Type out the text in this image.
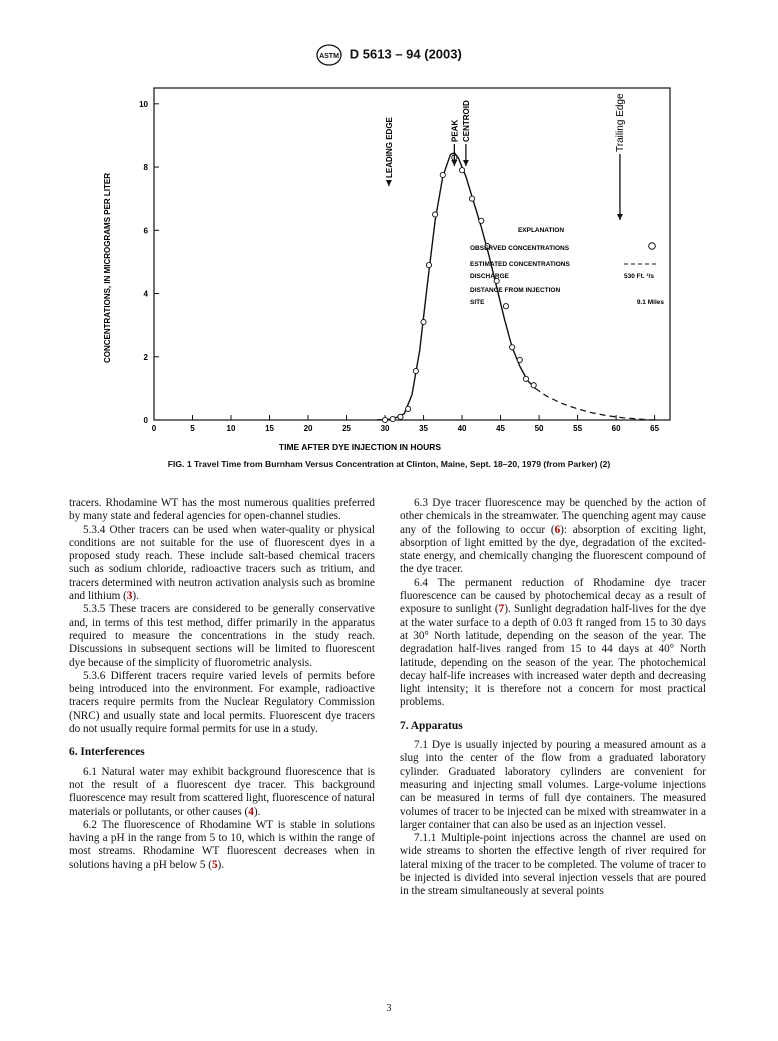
ASTM D 5613 – 94 (2003)
0	5	10	15	20	25	30	35	40	45	50	55	60	65
0
2
4
6
8
10
LEADING EDGE	PEAK CENTROID	Trailing Edge
CONCENTRATIONS, IN MICROGRAMS PER LITER
TIME AFTER DYE INJECTION IN HOURS
EXPLANATION
OBSERVED CONCENTRATIONS
ESTIMATED CONCENTRATIONS
DISCHARGE	530 Ft. ³/s
DISTANCE FROM INJECTION
SITE	9.1 Miles
FIG. 1 Travel Time from Burnham Versus Concentration at Clinton, Maine, Sept. 18–20, 1979 (from Parker) (2)

tracers. Rhodamine WT has the most numerous qualities preferred by many state and federal agencies for open-channel studies.

5.3.4 Other tracers can be used when water-quality or physical conditions are not suitable for the use of fluorescent dyes in a proposed study reach. These include salt-based chemical tracers such as sodium chloride, radioactive tracers such as tritium, and tracers determined with neutron activation analysis such as bromine and lithium (3).

5.3.5 These tracers are considered to be generally conservative and, in terms of this test method, differ primarily in the apparatus required to measure the concentrations in the study reach. Discussions in subsequent sections will be limited to fluorescent dye because of the simplicity of fluorometric analysis.

5.3.6 Different tracers require varied levels of permits before being introduced into the environment. For example, radioactive tracers require permits from the Nuclear Regulatory Commission (NRC) and usually state and local permits. Fluorescent dye tracers do not usually require formal permits for use in a study.

6. Interferences

6.1 Natural water may exhibit background fluorescence that is not the result of a fluorescent dye tracer. This background fluorescence may result from scattered light, fluorescence of natural materials or pollutants, or other causes (4).

6.2 The fluorescence of Rhodamine WT is stable in solutions having a pH in the range from 5 to 10, which is within the range of most streams. Rhodamine WT fluorescent decreases when in solutions having a pH below 5 (5).

6.3 Dye tracer fluorescence may be quenched by the action of other chemicals in the streamwater. The quenching agent may cause any of the following to occur (6): absorption of exciting light, absorption of light emitted by the dye, degradation of the excited-state energy, and chemically changing the fluorescent compound of the dye tracer.

6.4 The permanent reduction of Rhodamine dye tracer fluorescence can be caused by photochemical decay as a result of exposure to sunlight (7). Sunlight degradation half-lives for the dye at the water surface to a depth of 0.03 ft ranged from 15 to 30 days at 30° North latitude, depending on the season of the year. The degradation half-lives ranged from 15 to 44 days at 40° North latitude, depending on the season of the year. The photochemical decay half-life increases with increased water depth and decreasing light intensity; it is therefore not a concern for most practical problems.

7. Apparatus

7.1 Dye is usually injected by pouring a measured amount as a slug into the center of the flow from a graduated laboratory cylinder. Graduated laboratory cylinders are convenient for measuring and injecting small volumes. Large-volume injections can be measured in terms of full dye containers. The measured volumes of tracer to be injected can be mixed with streamwater in a larger container that can also be used as an injection vessel.

7.1.1 Multiple-point injections across the channel are used on wide streams to shorten the effective length of river required for lateral mixing of the tracer to be completed. The volume of tracer to be injected is divided into several injection vessels that are poured in the stream simultaneously at several points

3
